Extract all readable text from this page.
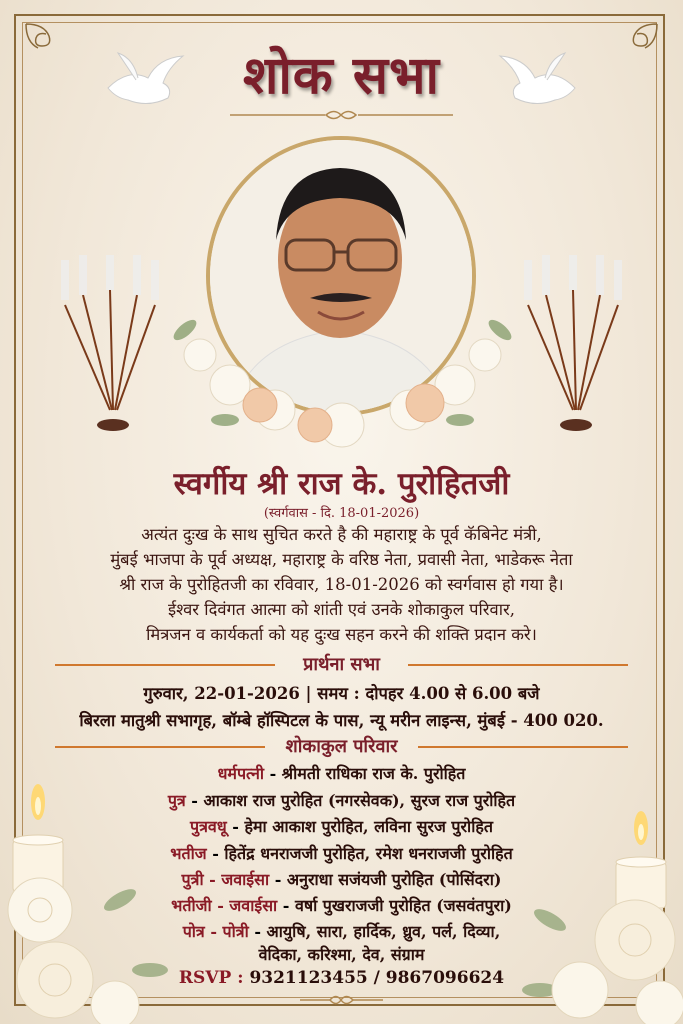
शोक सभा
स्वर्गीय श्री राज के. पुरोहितजी
(स्वर्गवास - दि. 18-01-2026)
अत्यंत दुःख के साथ सुचित करते है की महाराष्ट्र के पूर्व कॅबिनेट मंत्री,
मुंबई भाजपा के पूर्व अध्यक्ष, महाराष्ट्र के वरिष्ठ नेता, प्रवासी नेता, भाडेकरू नेता
श्री राज के पुरोहितजी का रविवार, 18-01-2026 को स्वर्गवास हो गया है।
ईश्वर दिवंगत आत्मा को शांती एवं उनके शोकाकुल परिवार,
मित्रजन व कार्यकर्ता को यह दुःख सहन करने की शक्ति प्रदान करे।
प्रार्थना सभा
गुरुवार, 22-01-2026 | समय : दोपहर 4.00 से 6.00 बजे
बिरला मातुश्री सभागृह, बॉम्बे हॉस्पिटल के पास, न्यू मरीन लाइन्स, मुंबई - 400 020.
शोकाकुल परिवार
धर्मपत्नी - श्रीमती राधिका राज के. पुरोहित
पुत्र - आकाश राज पुरोहित (नगरसेवक), सुरज राज पुरोहित
पुत्रवधू - हेमा आकाश पुरोहित, लविना सुरज पुरोहित
भतीज - हितेंद्र धनराजजी पुरोहित, रमेश धनराजजी पुरोहित
पुत्री - जवाईसा - अनुराधा सजंयजी पुरोहित (पोसिंदरा)
भतीजी - जवाईसा - वर्षा पुखराजजी पुरोहित (जसवंतपुरा)
पोत्र - पोत्री - आयुषि, सारा, हार्दिक, ध्रुव, पर्ल, दिव्या,
वेदिका, करिश्मा, देव, संग्राम
RSVP : 9321123455 / 9867096624
